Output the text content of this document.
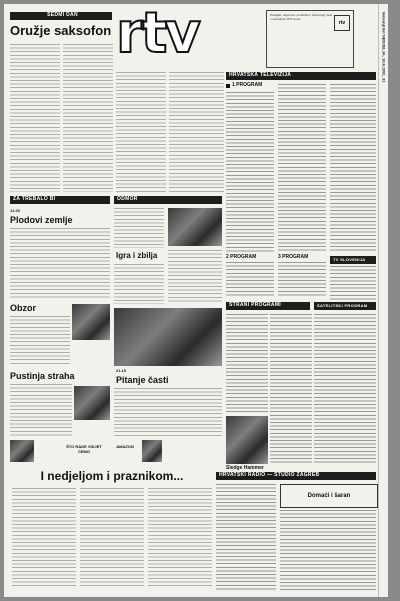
SEDMI DAN
Oružje saksofon rtv	Pošaljite odgovore uredništvu Večernjeg lista s naznakom RTV-zona
rtv
HRVATSKA TELEVIZIJA
1 PROGRAM
2 PROGRAM	3 PROGRAM	TV SLOVENIJA
ZA TREBALO BI	ODMOR
12.20
Plodovi zemlje
Obzor
Pustinja straha
ŠTO RADE VIDJET ĆEMO
AMAZON
I nedjeljom i praznikom...
Igra i zbilja
21.15
Pitanje časti
STRANI PROGRAMI	SATELITSKI PROGRAM
Sledge Hammer
HRVATSKI RADIO — STUDIO ZAGREB
Domaći i šaran
Večernji list NEDJELJA, 10.8.1991. 31
